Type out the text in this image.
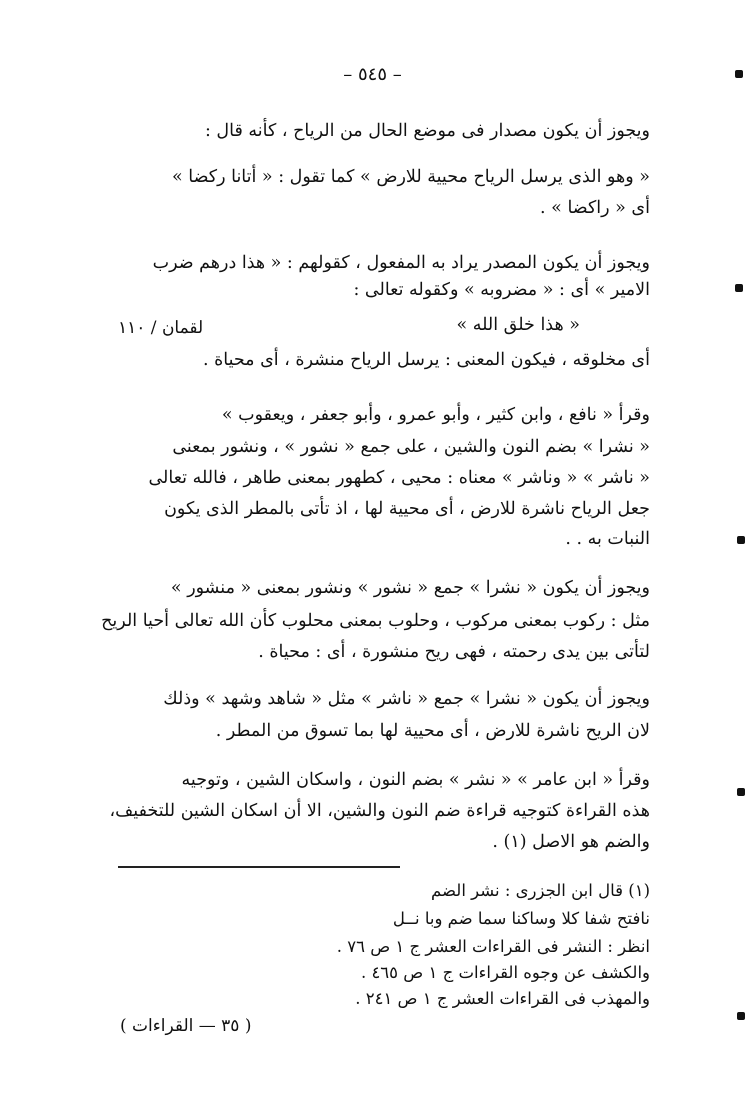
– ٥٤٥ –
ويجوز أن يكون مصدار فى موضع الحال من الرياح ، كأنه قال :
« وهو الذى يرسل الرياح محيية للارض » كما تقول : « أتانا ركضا »
أى « راكضا » .
ويجوز أن يكون المصدر يراد به المفعول ، كقولهم : « هذا درهم ضرب
الامير » أى : « مضروبه » وكقوله تعالى :
« هذا خلق الله »
لقمان / ١١٠
أى مخلوقه ، فيكون المعنى : يرسل الرياح منشرة ، أى محياة .
وقرأ « نافع ، وابن كثير ، وأبو عمرو ، وأبو جعفر ، ويعقوب »
« نشرا » بضم النون والشين ، على جمع « نشور » ، ونشور بمعنى
« ناشر » « وناشر » معناه : محيى ، كطهور بمعنى طاهر ، فالله تعالى
جعل الرياح ناشرة للارض ، أى محيية لها ، اذ تأتى بالمطر الذى يكون
النبات به . .
ويجوز أن يكون « نشرا » جمع « نشور » ونشور بمعنى « منشور »
مثل : ركوب بمعنى مركوب ، وحلوب بمعنى محلوب كأن الله تعالى أحيا الريح
لتأتى بين يدى رحمته ، فهى ريح منشورة ، أى : محياة .
ويجوز أن يكون « نشرا » جمع « ناشر » مثل « شاهد وشهد » وذلك
لان الريح ناشرة للارض ، أى محيية لها بما تسوق من المطر .
وقرأ « ابن عامر » « نشر » بضم النون ، واسكان الشين ، وتوجيه
هذه القراءة كتوجيه قراءة ضم النون والشين، الا أن اسكان الشين للتخفيف،
والضم هو الاصل (١) .
(١) قال ابن الجزرى : نشر الضم
نافتح شفا كلا وساكنا سما ضم وبا نــل
انظر : النشر فى القراءات العشر ج ١ ص ٧٦ .
والكشف عن وجوه القراءات ج ١ ص ٤٦٥ .
والمهذب فى القراءات العشر ج ١ ص ٢٤١ .
( ٣٥ — القراءات )
